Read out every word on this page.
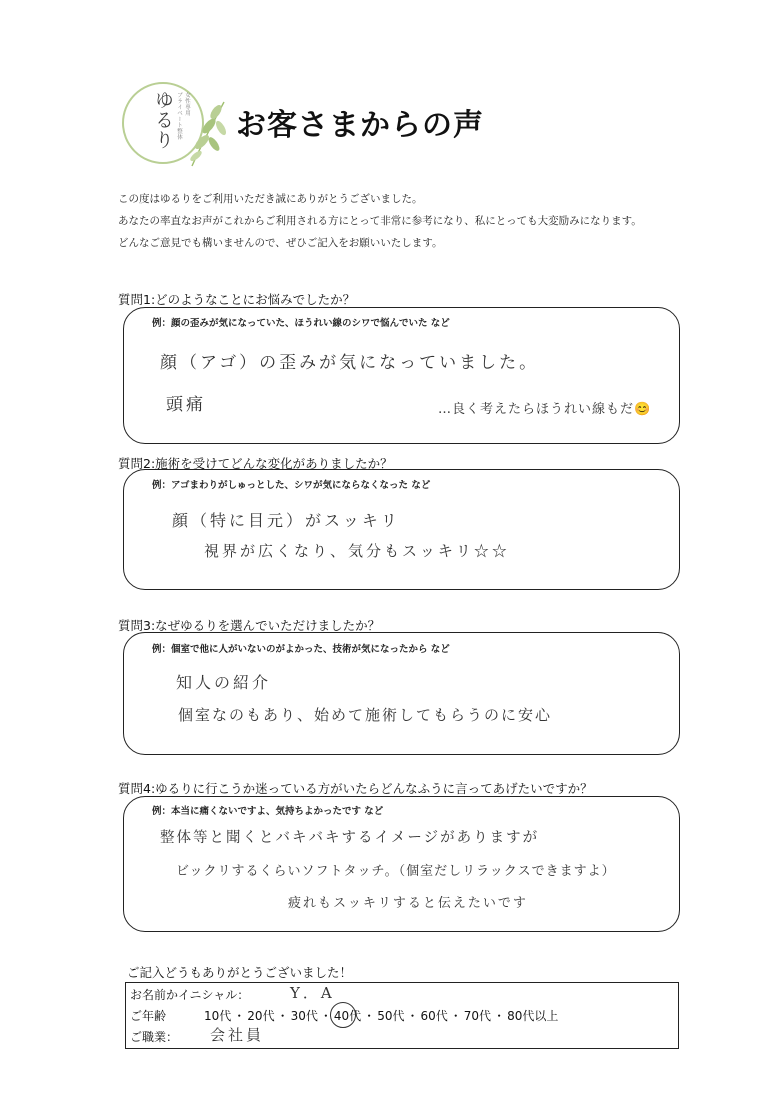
ゆるり 女性専用
プライベート整体 お客さまからの声
この度はゆるりをご利用いただき誠にありがとうございました。
あなたの率直なお声がこれからご利用される方にとって非常に参考になり、私にとっても大変励みになります。
どんなご意見でも構いませんので、ぜひご記入をお願いいたします。
質問1:どのようなことにお悩みでしたか？
例：顔の歪みが気になっていた、ほうれい線のシワで悩んでいた など
顔（アゴ）の歪みが気になっていました。
頭痛	…良く考えたらほうれい線もだ😊
質問2:施術を受けてどんな変化がありましたか？
例：アゴまわりがしゅっとした、シワが気にならなくなった など
顔（特に目元）がスッキリ
視界が広くなり、気分もスッキリ☆☆
質問3:なぜゆるりを選んでいただけましたか？
例：個室で他に人がいないのがよかった、技術が気になったから など
知人の紹介
個室なのもあり、始めて施術してもらうのに安心
質問4:ゆるりに行こうか迷っている方がいたらどんなふうに言ってあげたいですか？
例：本当に痛くないですよ、気持ちよかったです など
整体等と聞くとバキバキするイメージがありますが
ビックリするくらいソフトタッチ。（個室だしリラックスできますよ）
疲れもスッキリすると伝えたいです
ご記入どうもありがとうございました！
お名前かイニシャル：	Y．A
ご年齢	10代 ・ 20代 ・ 30代 ・ 40代 ・ 50代 ・ 60代 ・ 70代 ・ 80代以上
ご職業： 会社員
